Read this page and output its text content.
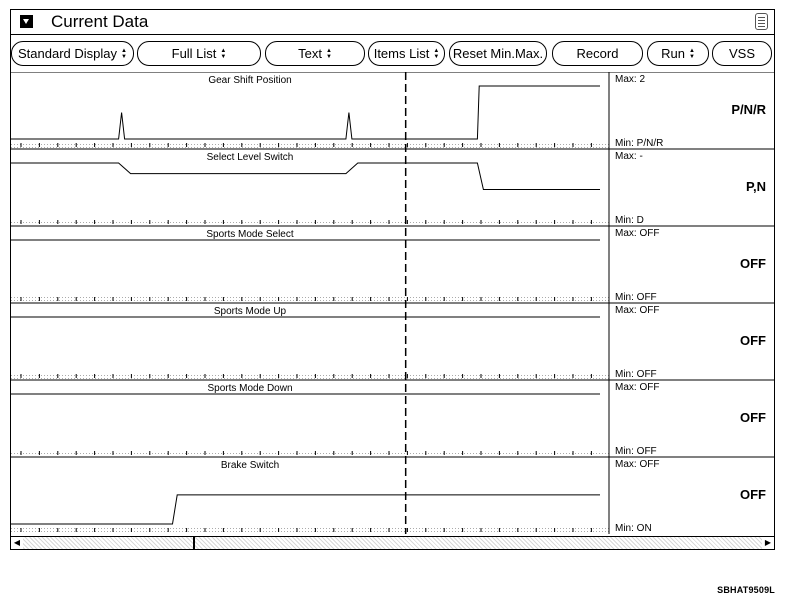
Current Data
Standard Display ▲
▼	Full List ▲
▼	Text ▲
▼	Items List ▲
▼ Reset Min.Max.	Record	Run ▲
▼	VSS
Gear Shift Position	Max: 2
P/N/R
Min: P/N/R
Select Level Switch	Max: -
P,N
Min: D
Sports Mode Select	Max: OFF
OFF
Min: OFF
Sports Mode Up	Max: OFF
OFF
Min: OFF
Sports Mode Down	Max: OFF
OFF
Min: OFF
Brake Switch	Max: OFF
OFF
Min: ON
◀	▶
SBHAT9509L
